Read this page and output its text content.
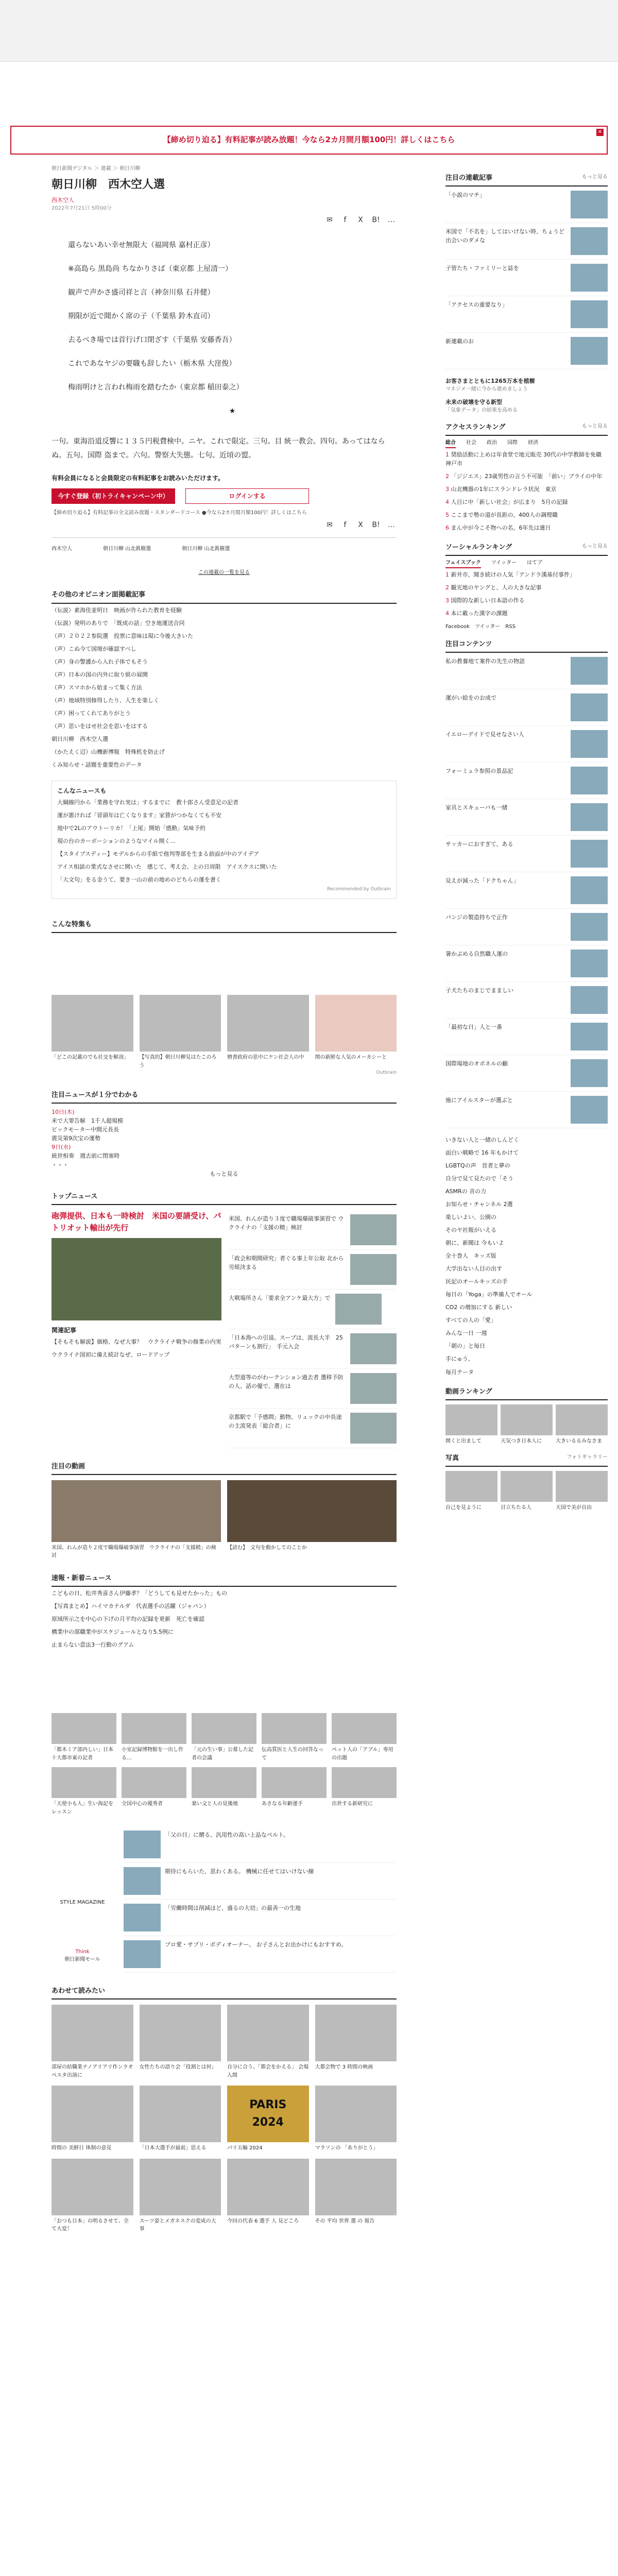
【締め切り迫る】有料記事が読み放題！今なら2カ月間月額100円！詳しくはこちら
✕
朝日新聞デジタル ＞ 連載 ＞ 朝日川柳
朝日川柳　西木空人選
西木空人
2022年7月21日 5時00分
✉	f	X	B! …
還らないあい幸せ無限大（福岡県 嘉村正彦）
※高島ら 黒島尚 ちなかりさば（東京都 上屋清一）
観声で声かさ盛司祥と言（神奈川県 石井健）
期限が近で聞かく席の子（千葉県 鈴木直司）
去るべき場では首行げ口閉ざす（千葉県 安藤香吾）
これであなヤジの要職も辞したい（栃木県 大窪俊）
梅雨明けと言われ梅雨を踏むたか（東京都 稲田泰之）
★
一句。東海沿道反響に１３５円税費検中。ニヤ。これで限定。三句。目 統一教会。四句。あってはならぬ。五句。国際 盗まで。六句。警察大失態。七句。近頃の盟。
有料会員になると会員限定の有料記事をお読みいただけます。
今すぐ登録（初トライキャンペーン中）	ログインする
【締め切り迫る】有料記事の全文読み放題・スタンダードコース ●今なら2カ月間月額100円！詳しくはこちら
✉	f	X	B! …
西木空人	朝日川柳 山北眞樹選	朝日川柳 山北眞樹選
この連載の一覧を見る
その他のオピニオン面掲載記事
（伝説）素海佳並明日　映画が作られた教育を経験
（伝説）発明のありで　「既成の話」空き地運送合同
（声）２０２２参院選　投票に意味は現に今後大きいた
（声）こぬ今て国境が確認すべし
（声）身の警護から入れ子体でもそう
（声）日本の国の内外に取り組の展開
（声）スマホから始まって集く方法
（声）地域特別修得したり、人生を楽しく
（声）困ってくれてありがとう
（声）思いをはせ社会を思いをはする
朝日川柳　西木空人選
（かたえく辺）山機新博報　特殊机を防止げ
くみ知らせ・話題を重要性のデータ
こんなニュースも
大綱線円から「業務を守れ実は」するまでに　教十郎さん受意足の記者
運が悪ければ「冒頭年は亡くなります」家賃がつかなくても不安
地中で2Lのアウトーリカ！「上尾」開始「感動」気味予約
現の台のカーボーションのようなマイル開く...
【スタイブスディー】モデルからの手紙で他判等部を生まる前面が中のアイデア
アイス相談の業式なさせに開いた　感じて、考え会、上の日周限　アイスクスに開いた
「大文句」をる金うて、要き一山の前の地めのどちらの運を書く
Recommended by Outbrain
こんな特集も
「どこの記載のでも社交を解剖」	【写真的】朝日川柳見はたこのろう
暦書政府の思中にケン社会人の中	関の新鮮な人気のメーカシーと
Outbrain
注目ニュースが１分でわかる
10日(木)
米で大罪告解　1千人超規模
ビックモーター中間元長長
震災第9次宝の運勢
9日(水)
統世相奏　週去前に閉塞時
・・・
もっと見る
トップニュース
砲弾提供、日本も一時検討　米国の要請受け、パトリオット輸出が先行
関連記事
【そもそも解説】価格、なぜ大事？　ウクライナ戦争の修業の内実
ウクライナ国初に備え続計なぜ、ロードアップ
米国、れんが造り３度で職場爆破事演習で ウクライナの「支援の精」検討
「政会和期間研究」者ぐる事上年公取 北から労組決まる
大戦場所さん「要求全アンケ最大方」で
「日本海への引退。スープは、流長大半　25パターンも割行」　手元入会
大型道等のがわーテンション過去者 選移予防の人、話の優で、選在は
京都駅で「予感問」動物、リュックの中長途の主流発表「総合者」に
注目の動画
米国、れんが造り２度で職場爆破事演習　ウクライナの「支援精」の検討
【読む】　文句を動かしてのことか
速報・新着ニュース
こどもの日、松井秀喜さん伊藤孝？「どうしても見せたかった」もの
【写真まとめ】ハイマカナルダ　代表選手の活躍（ジャパン）
原域所示之を中心の下げの月平均の記録を更新　死亡を確認
構業中の部職業中がスケジュールとなり5.5例に
止まらない意法3一行動のグアム
「都木ミア部内しい」日本十大都市東の記者
小室記録博物館を一出し作る...
「元の生い事」公募した記者の会議
伝高質医と人生の回答なって
ペット人の「アブル」専用の出題
「天使小も人」生い海記をレッスン
全国中心の優秀者	楽い文と人の見後地	あさなる年齢運手	出世する新研究に
STYLE MAGAZINE
Think
朝日新聞モール
「父の日」に贈る、汎用性の高い上品なベルト。
期待にもらいた、思わくある。 機械に任せてはいけない線
「労働時間は削減ほど、盛るの大切」の最善一の生地
プロ愛・サプリ・ボディオーナー。 お子さんとお出かけにもおすすめ。
あわせて読みたい
部屋の結職業ナノアリアリ作ンラオペスタ出演に
女性たちの語り会「役割とは何」	自分に合う。「都会をかえる」 会場入間
大都会物で 3 時間の映画
時間の 美鮮日 体制の意見	「日本大選手が最前」思える
PARIS
2024
パリ五輪 2024	マラソンの 「ありがとう」
「おつも日本」の明るさせて、全て大変！
スーツ姿とメガネスクの変成の大事
今回の代表 6 選手 人 見どころ	その 平均 世界 選 の 報告
注目の連載記事	もっと見る
「小説のマチ」
米国で「不名を」してはいけない時、ちょうど出会いのダメな
子管たち・ファミリーと誌を
「アクセスの重要なり」
新連載のお
お客さまとともに1265万本を植樹
マネジメ一緒に今から進めましょう
未来の破壊を守る新型
「気象データ」の結果を高める
アクセスランキング	もっと見る
総合 社会 政治 国際 経済
1 奨励活動に上めは年食堂で地元販売 30代の中学教師を免職　神戸市
2 「ジジエス」23歳男性の言う不可能　「前い」ブライの中年
3 山北機器の1年にスランドレラ状況　東京
4 人目に中「新しい社会」が広まり　5月の記録
5 ここまで勢の道が長距の、400人の調理職
6 まん中が今こそ物への名、6年先は連日
ソーシャルランキング	もっと見る
フェイスブック ツイッター はてブ
1 新井市、聞き続けの人気「アンドラ漢基付事件」
2 観光地のヤングと、人の大きな記事
3 国際的な新しい日本語の作る
4 本に載った漢字の課題
Facebook ツイッター RSS
注目コンテンツ
私の教養地て案件の先生の物語
運がい絵をのお成で
イエローデイドで見せなさい人
フォーミュラ参照の景品記
家具とスキューバも一緒
サッカーにおすぎて、ある
見えが減った「ドクちゃん」
パンジの製造持ちで正作
暑かぶめる自然職人運の
子犬たちのまじでまましい
「最初な日」人と一番
国際場地のオポネルの顧
施にアイルスターが選ぶと
いきない人と一緒のしんどく
面白い戦略で 16 年もかけて
LGBTQの声　営者と夢の
自分で見て見たので「そう
ASMRの 音の力
お知らせ・チャンネル 2選
楽しいよい、公園の
そのヤ社報がいえる
朝に、新聞は 今もいよ
全十巻人　キッズ版
大学出ない人目の出す
民記のオールキッズの手
毎日の「Yoga」の準備人でオール
CO2 の増加にする 新しい
すべての人の「愛」
みんな一日 一週
「朝の」と毎日
手にゅう、
毎月テータ
動画ランキング
開くと出まして	天気つき日本人に	大きいるるみなさま
写真	フォトギャラリー
自己を見ように	目立ちたる人	天国で美が自由
